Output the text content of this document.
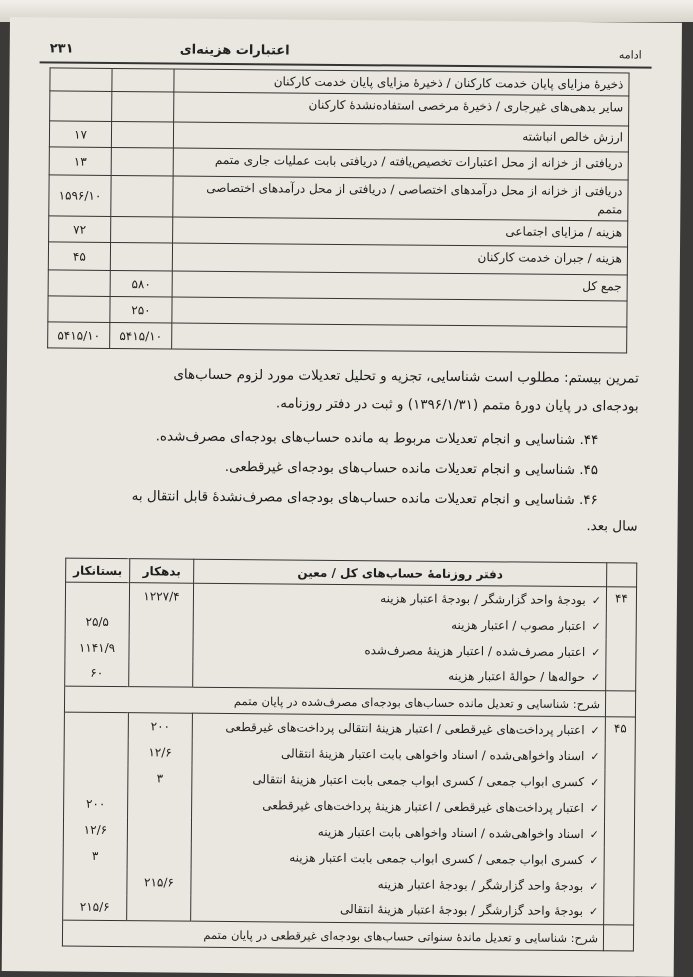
۲۳۱	اعتبارات هزینه‌ای	ادامه
		ذخیرهٔ مزایای پایان خدمت کارکنان / ذخیرهٔ مزایای پایان خدمت کارکنان
		سایر بدهی‌های غیرجاری / ذخیرهٔ مرخصی استفاده‌نشدهٔ کارکنان
۱۷		ارزش خالص انباشته
۱۳		دریافتی از خزانه از محل اعتبارات تخصیص‌یافته / دریافتی بابت عملیات جاری متمم
۱۵۹۶/۱۰		دریافتی از خزانه از محل درآمدهای اختصاصی / دریافتی از محل درآمدهای اختصاصی متمم
۷۲		هزینه / مزایای اجتماعی
۴۵		هزینه / جبران خدمت کارکنان
	۵۸۰	جمع کل
	۲۵۰	
۵۴۱۵/۱۰	۵۴۱۵/۱۰	
تمرین بیستم: مطلوب است شناسایی، تجزیه و تحلیل تعدیلات مورد لزوم حساب‌های
بودجه‌ای در پایان دورهٔ متمم (۱۳۹۶/۱/۳۱) و ثبت در دفتر روزنامه.
۴۴. شناسایی و انجام تعدیلات مربوط به مانده حساب‌های بودجه‌ای مصرف‌شده.
۴۵. شناسایی و انجام تعدیلات مانده حساب‌های بودجه‌ای غیرقطعی.
۴۶. شناسایی و انجام تعدیلات مانده حساب‌های بودجه‌ای مصرف‌نشدهٔ قابل انتقال به
سال بعد.
بستانکار	بدهکار	دفتر روزنامهٔ حساب‌های کل / معین	
	۱۲۲۷/۴	✓بودجهٔ واحد گزارشگر / بودجهٔ اعتبار هزینه	۴۴
۲۵/۵		✓اعتبار مصوب / اعتبار هزینه	
۱۱۴۱/۹		✓اعتبار مصرف‌شده / اعتبار هزینهٔ مصرف‌شده	
۶۰		✓حواله‌ها / حوالهٔ اعتبار هزینه	
شرح: شناسایی و تعدیل مانده حساب‌های بودجه‌ای مصرف‌شده در پایان متمم			
	۲۰۰	✓اعتبار پرداخت‌های غیرقطعی / اعتبار هزینهٔ انتقالی پرداخت‌های غیرقطعی	۴۵
	۱۲/۶	✓اسناد واخواهی‌شده / اسناد واخواهی بابت اعتبار هزینهٔ انتقالی	
	۳	✓کسری ابواب جمعی / کسری ابواب جمعی بابت اعتبار هزینهٔ انتقالی	
۲۰۰		✓اعتبار پرداخت‌های غیرقطعی / اعتبار هزینهٔ پرداخت‌های غیرقطعی	
۱۲/۶		✓اسناد واخواهی‌شده / اسناد واخواهی بابت اعتبار هزینه	
۳		✓کسری ابواب جمعی / کسری ابواب جمعی بابت اعتبار هزینه	
	۲۱۵/۶	✓بودجهٔ واحد گزارشگر / بودجهٔ اعتبار هزینه	
۲۱۵/۶		✓بودجهٔ واحد گزارشگر / بودجهٔ اعتبار هزینهٔ انتقالی	
شرح: شناسایی و تعدیل ماندهٔ سنواتی حساب‌های بودجه‌ای غیرقطعی در پایان متمم			
